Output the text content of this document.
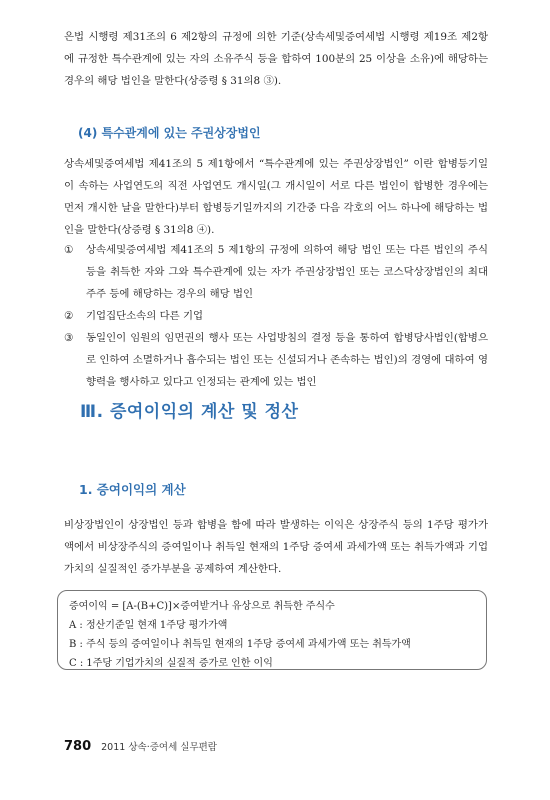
은법 시행령 제31조의 6 제2항의 규정에 의한 기준(상속세및증여세법 시행령 제19조 제2항에 규정한 특수관계에 있는 자의 소유주식 등을 합하여 100분의 25 이상을 소유)에 해당하는 경우의 해당 법인을 말한다(상증령 § 31의8 ③).

(4) 특수관계에 있는 주권상장법인

상속세및증여세법 제41조의 5 제1항에서 “특수관계에 있는 주권상장법인” 이란 합병등기일이 속하는 사업연도의 직전 사업연도 개시일(그 개시일이 서로 다른 법인이 합병한 경우에는 먼저 개시한 날을 말한다)부터 합병등기일까지의 기간중 다음 각호의 어느 하나에 해당하는 법인을 말한다(상증령 § 31의8 ④).

① 상속세및증여세법 제41조의 5 제1항의 규정에 의하여 해당 법인 또는 다른 법인의 주식 등을 취득한 자와 그와 특수관계에 있는 자가 주권상장법인 또는 코스닥상장법인의 최대주주 등에 해당하는 경우의 해당 법인
② 기업집단소속의 다른 기업
③ 동일인이 임원의 임면권의 행사 또는 사업방침의 결정 등을 통하여 합병당사법인(합병으로 인하여 소멸하거나 흡수되는 법인 또는 신설되거나 존속하는 법인)의 경영에 대하여 영향력을 행사하고 있다고 인정되는 관계에 있는 법인
Ⅲ. 증여이익의 계산 및 정산
1. 증여이익의 계산

비상장법인이 상장법인 등과 합병을 함에 따라 발생하는 이익은 상장주식 등의 1주당 평가가액에서 비상장주식의 증여일이나 취득일 현재의 1주당 증여세 과세가액 또는 취득가액과 기업가치의 실질적인 증가부분을 공제하여 계산한다.

증여이익 = [A-(B+C)]×증여받거나 유상으로 취득한 주식수
A : 정산기준일 현재 1주당 평가가액
B : 주식 등의 증여일이나 취득일 현재의 1주당 증여세 과세가액 또는 취득가액
C : 1주당 기업가치의 실질적 증가로 인한 이익
780 2011 상속·증여세 실무편람
